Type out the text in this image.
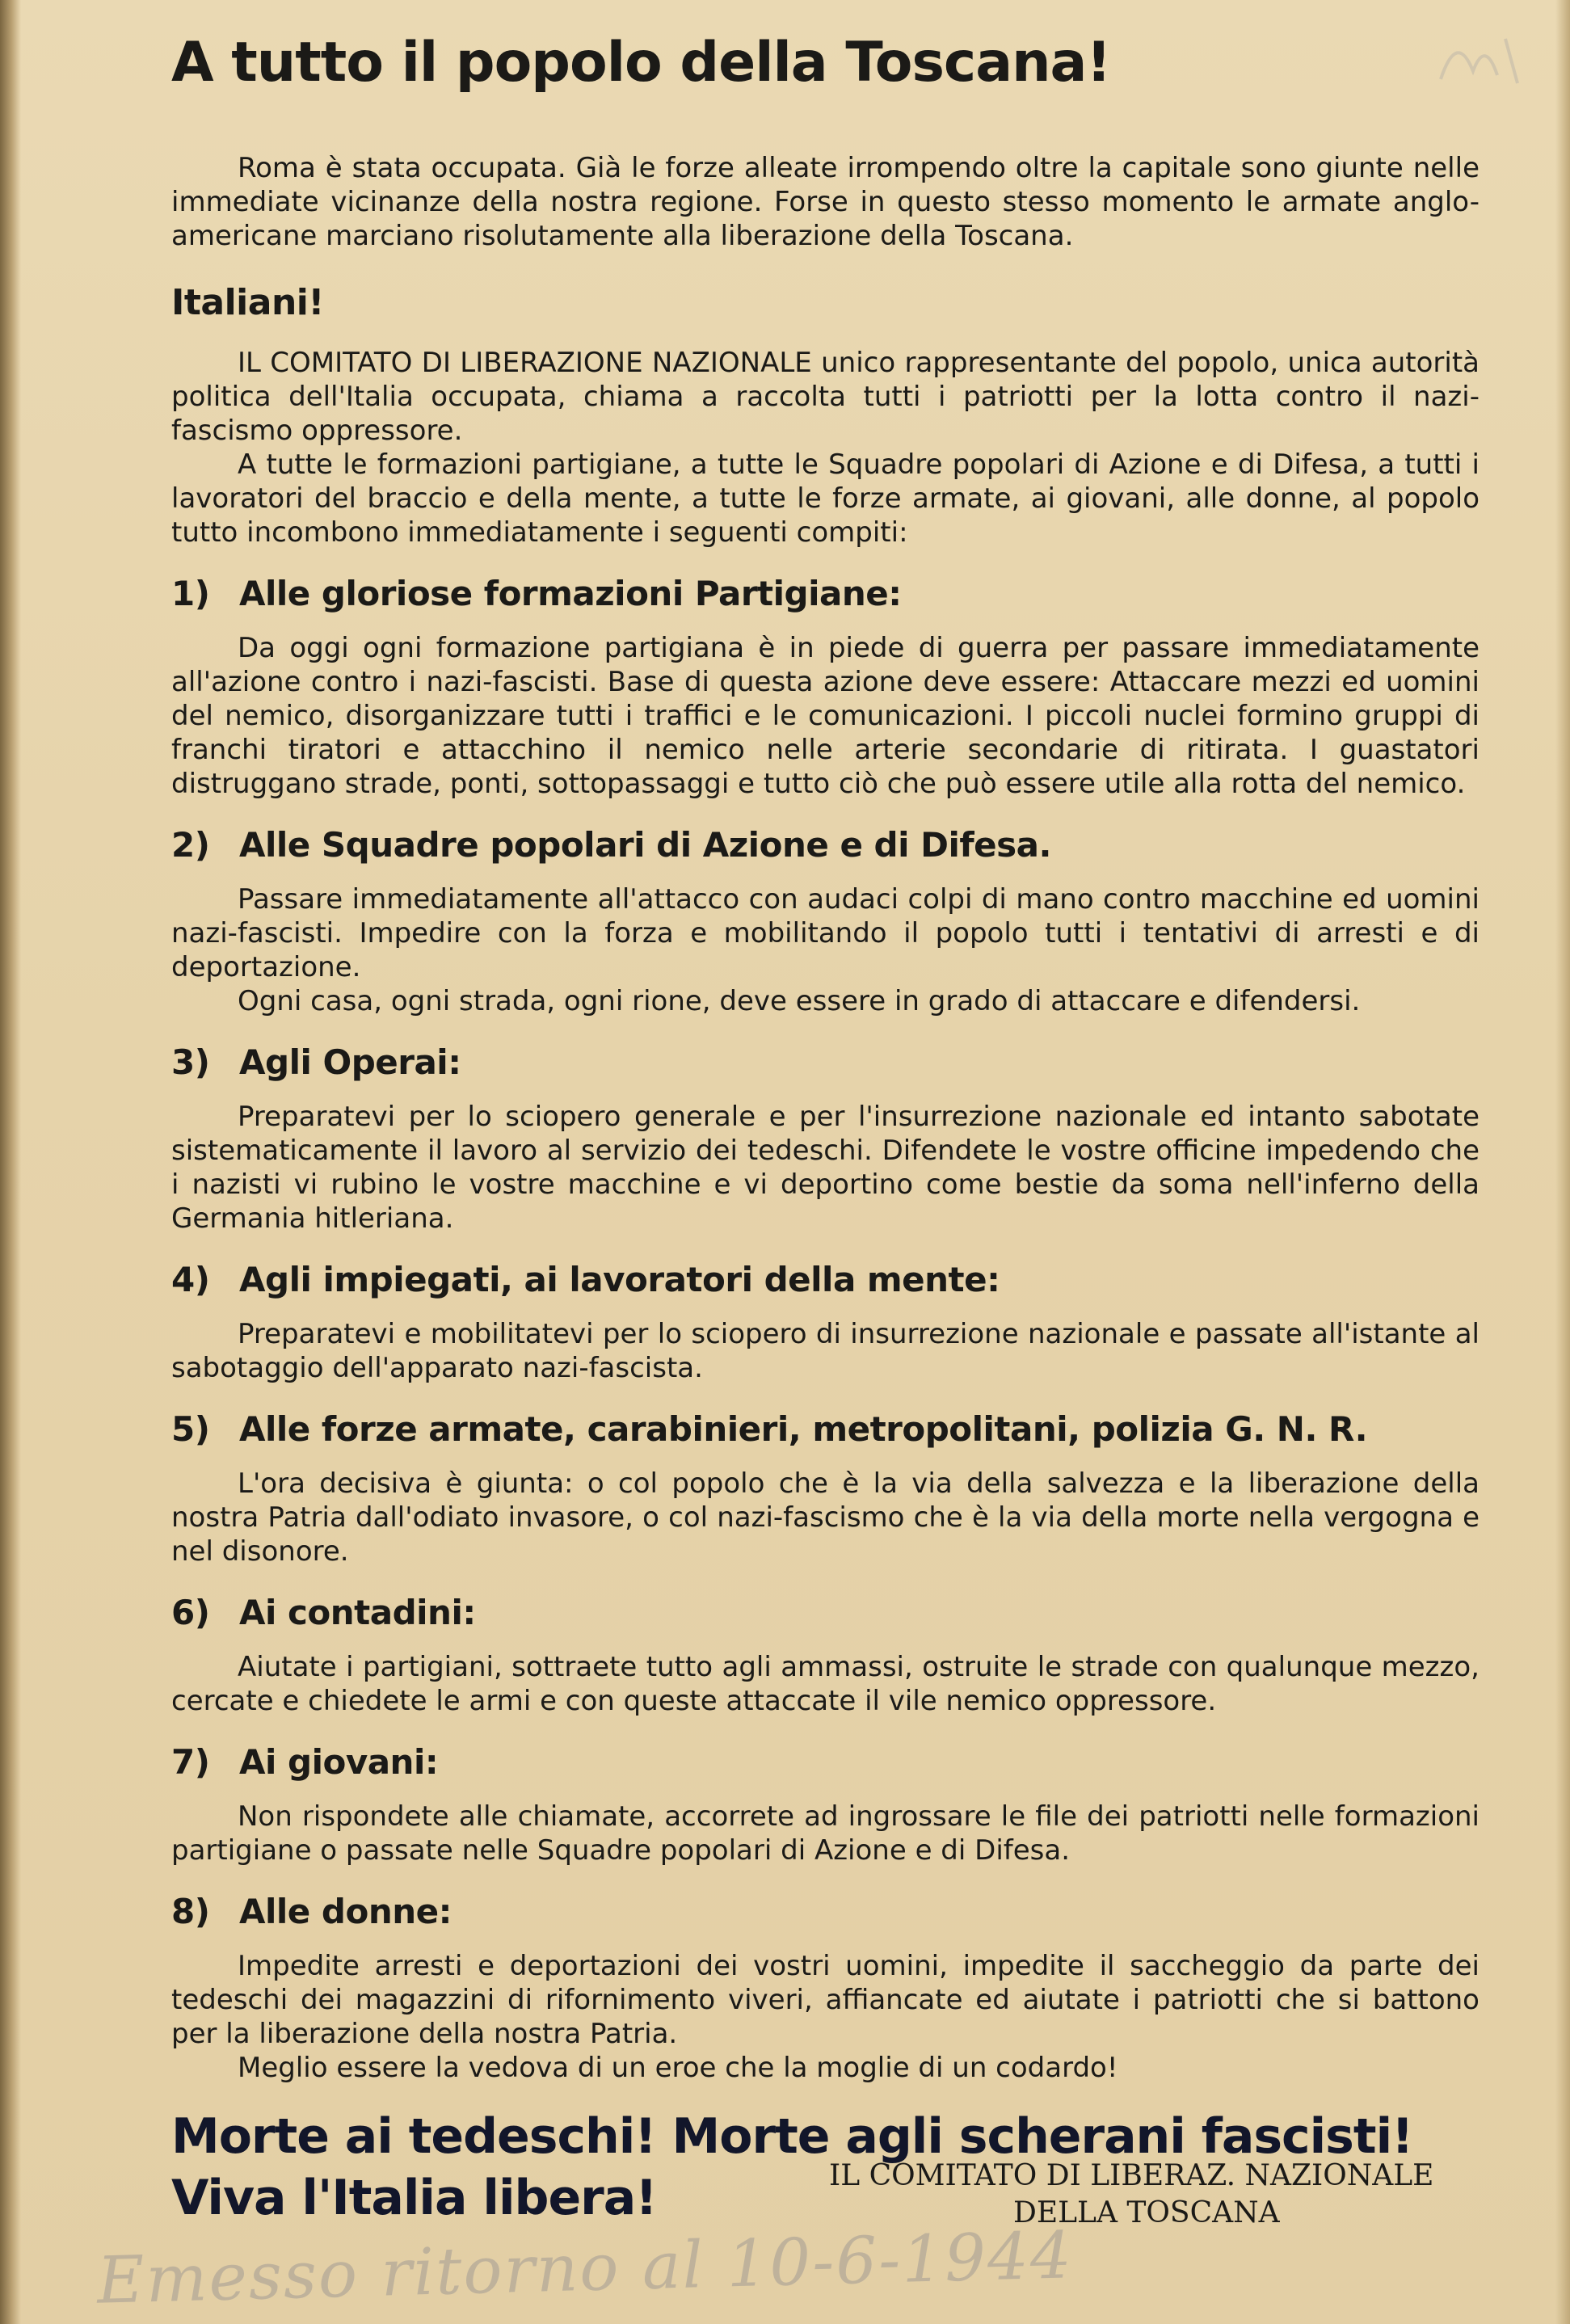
A tutto il popolo della Toscana!

Roma è stata occupata. Già le forze alleate irrompendo oltre la capitale sono giunte nelle immediate vicinanze della nostra regione. Forse in questo stesso momento le armate anglo-americane marciano risolutamente alla liberazione della Toscana.

Italiani!

IL COMITATO DI LIBERAZIONE NAZIONALE unico rappresentante del popolo, unica autorità politica dell'Italia occupata, chiama a raccolta tutti i patriotti per la lotta contro il nazi-fascismo oppressore.

A tutte le formazioni partigiane, a tutte le Squadre popolari di Azione e di Difesa, a tutti i lavoratori del braccio e della mente, a tutte le forze armate, ai giovani, alle donne, al popolo tutto incombono immediatamente i seguenti compiti:

1) Alle gloriose formazioni Partigiane:

Da oggi ogni formazione partigiana è in piede di guerra per passare immediatamente all'azione contro i nazi-fascisti. Base di questa azione deve essere: Attaccare mezzi ed uomini del nemico, disorganizzare tutti i traffici e le comunicazioni. I piccoli nuclei formino gruppi di franchi tiratori e attacchino il nemico nelle arterie secondarie di ritirata. I guastatori distruggano strade, ponti, sottopassaggi e tutto ciò che può essere utile alla rotta del nemico.

2) Alle Squadre popolari di Azione e di Difesa.

Passare immediatamente all'attacco con audaci colpi di mano contro macchine ed uomini nazi-fascisti. Impedire con la forza e mobilitando il popolo tutti i tentativi di arresti e di deportazione.

Ogni casa, ogni strada, ogni rione, deve essere in grado di attaccare e difendersi.

3) Agli Operai:

Preparatevi per lo sciopero generale e per l'insurrezione nazionale ed intanto sabotate sistematicamente il lavoro al servizio dei tedeschi. Difendete le vostre officine impedendo che i nazisti vi rubino le vostre macchine e vi deportino come bestie da soma nell'inferno della Germania hitleriana.

4) Agli impiegati, ai lavoratori della mente:

Preparatevi e mobilitatevi per lo sciopero di insurrezione nazionale e passate all'istante al sabotaggio dell'apparato nazi-fascista.

5) Alle forze armate, carabinieri, metropolitani, polizia G. N. R.

L'ora decisiva è giunta: o col popolo che è la via della salvezza e la liberazione della nostra Patria dall'odiato invasore, o col nazi-fascismo che è la via della morte nella vergogna e nel disonore.

6) Ai contadini:

Aiutate i partigiani, sottraete tutto agli ammassi, ostruite le strade con qualunque mezzo, cercate e chiedete le armi e con queste attaccate il vile nemico oppressore.

7) Ai giovani:

Non rispondete alle chiamate, accorrete ad ingrossare le file dei patriotti nelle formazioni partigiane o passate nelle Squadre popolari di Azione e di Difesa.

8) Alle donne:

Impedite arresti e deportazioni dei vostri uomini, impedite il saccheggio da parte dei tedeschi dei magazzini di rifornimento viveri, affiancate ed aiutate i patriotti che si battono per la liberazione della nostra Patria.

Meglio essere la vedova di un eroe che la moglie di un codardo!

Morte ai tedeschi! Morte agli scherani fascisti!
Viva l'Italia libera!	IL COMITATO DI LIBERAZ. NAZIONALE
DELLA TOSCANA
Emesso ritorno al 10-6-1944
